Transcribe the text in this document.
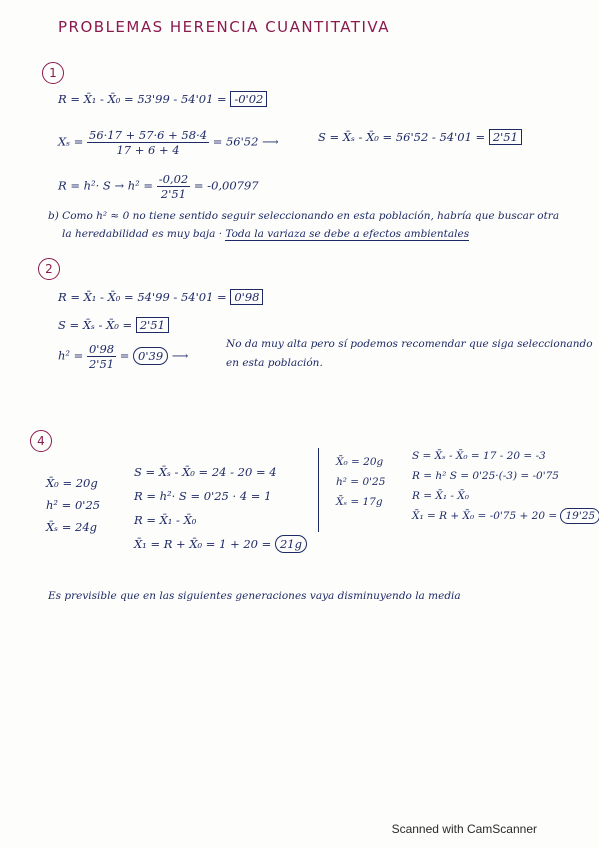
PROBLEMAS HERENCIA CUANTITATIVA
1
R = X̄₁ - X̄₀ = 53'99 - 54'01 = -0'02
$X_s = \frac{56\cdot 17 + 57\cdot 6 + 58\cdot 4}{17 + 6 + 4} = 56'52$ ⟶	S = X̄ₛ - X̄₀ = 56'52 - 54'01 = 2'51
$R = h^2\cdot S \to h^2 = \frac{-0,02}{2'51} = -0,00797$
b) Como h² ≈ 0 no tiene sentido seguir seleccionando en esta población, habría que buscar otra
la heredabilidad es muy baja · Toda la variaza se debe a efectos ambientales
2
R = X̄₁ - X̄₀ = 54'99 - 54'01 = 0'98
S = X̄ₛ - X̄₀ = 2'51
$h^2 = \frac{0'98}{2'51} = 0'39$ ⟶
No da muy alta pero sí podemos recomendar que siga seleccionando
en esta población.
4
X̄₀ = 20g
h² = 0'25
X̄ₛ = 24g
S = X̄ₛ - X̄₀ = 24 - 20 = 4
R = h²· S = 0'25 · 4 = 1
R = X̄₁ - X̄₀
X̄₁ = R + X̄₀ = 1 + 20 = 21g
X̄₀ = 20g
h² = 0'25
X̄ₛ = 17g
S = X̄ₛ - X̄₀ = 17 - 20 = -3
R = h² S = 0'25·(-3) = -0'75
R = X̄₁ - X̄₀
X̄₁ = R + X̄₀ = -0'75 + 20 = 19'25
Es previsible que en las siguientes generaciones vaya disminuyendo la media
Scanned with CamScanner
